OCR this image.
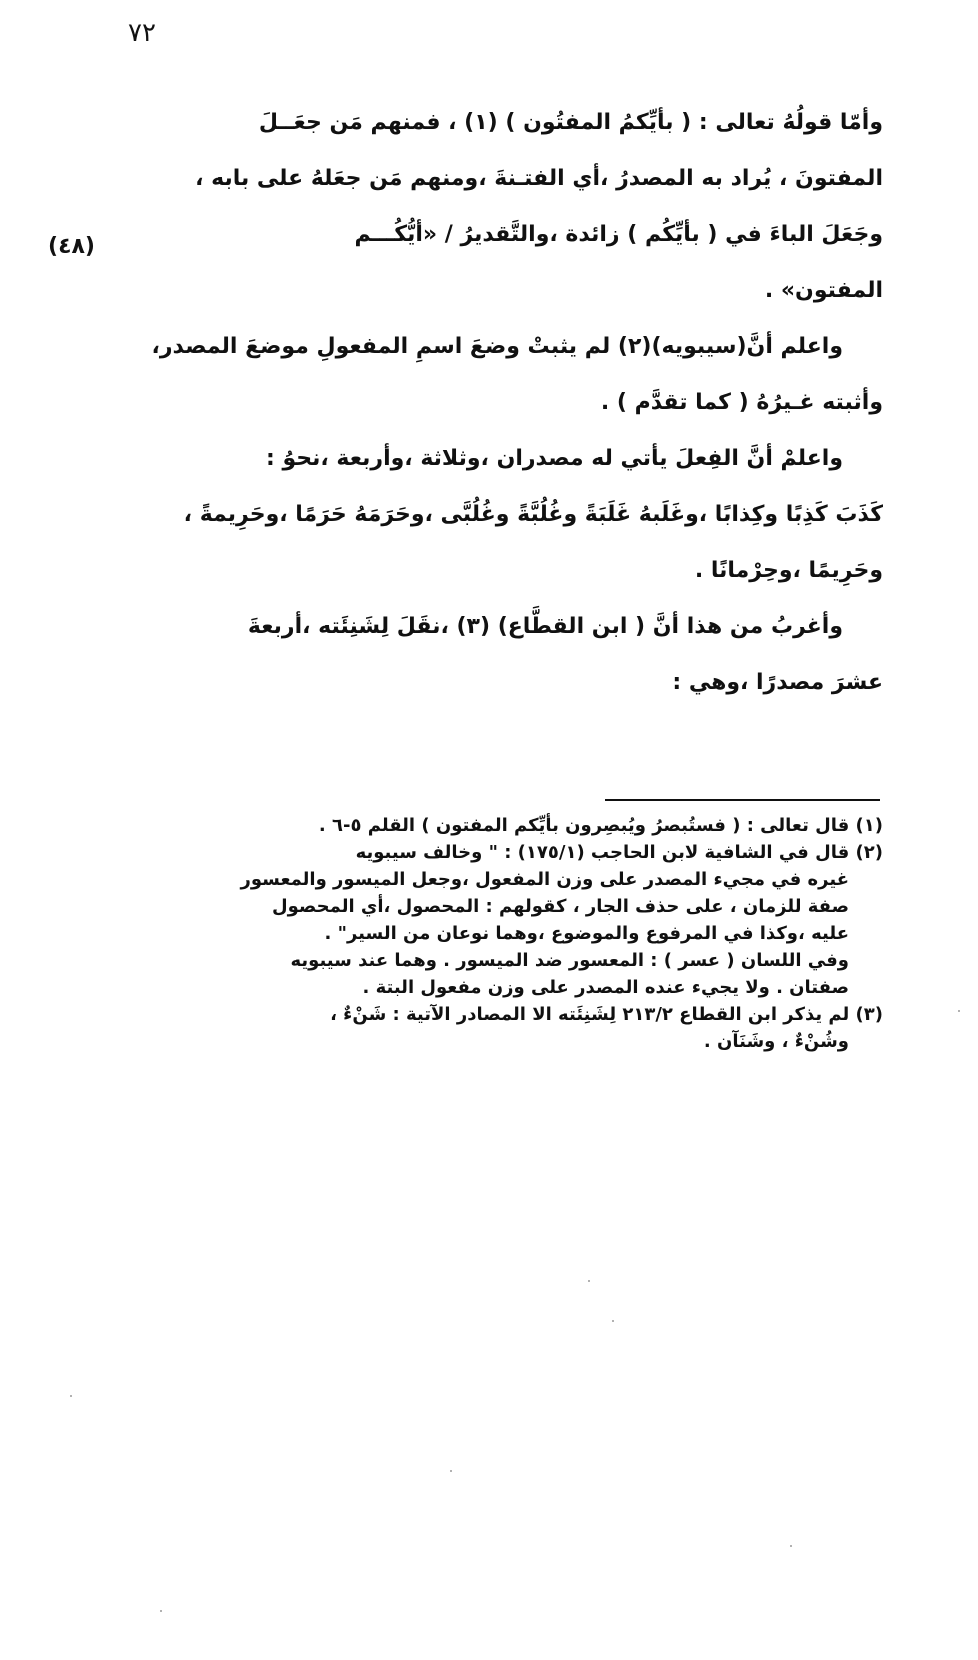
٧٢
وأمّا قولُهُ تعالى : ( بأيِّكمُ المفتُون ) (١) ، فمنهم مَن جعَــلَ
المفتونَ ، يُراد به المصدرُ ،أي الفتـنةَ ،ومنهم مَن جعَلهُ على بابه ،
وجَعَلَ الباءَ في ( بأيِّكُم ) زائدة ،والتَّقديرُ / «أيُّكُـــم
المفتون» .
واعلم أنَّ(سيبويه)(٢) لم يثبتْ وضعَ اسمِ المفعولِ موضعَ المصدر،
وأثبته غـيرُهُ ( كما تقدَّم ) .
واعلمْ أنَّ الفِعلَ يأتي له مصدران ،وثلاثة ،وأربعة ،نحوُ :
كَذَبَ كَذِبًا وكِذابًا ،وغَلَبهُ غَلَبَةً وغُلُبَّةً وغُلُبَّى ،وحَرَمَهُ حَرَمًا ،وحَرِيمةً ،
وحَرِيمًا ،وحِرْمانًا .
وأغربُ من هذا أنَّ ( ابن القطَّاع) (٣) ،نقَلَ لِشَنِئَته ،أربعةَ
عشرَ مصدرًا ،وهي :
(٤٨)
(١) قال تعالى : ( فستُبصرُ ويُبصِرون بأيِّكم المفتون ) القلم ٥-٦ .
(٢) قال في الشافية لابن الحاجب (١٧٥/١) : " وخالف سيبويه
غيره في مجيء المصدر على وزن المفعول ،وجعل الميسور والمعسور
صفة للزمان ، على حذف الجار ، كقولهم : المحصول ،أي المحصول
عليه ،وكذا في المرفوع والموضوع ،وهما نوعان من السير" .
وفي اللسان ( عسر ) : المعسور ضد الميسور . وهما عند سيبويه
صفتان . ولا يجيء عنده المصدر على وزن مفعول البتة .
(٣) لم يذكر ابن القطاع ٢١٣/٢ لِشَنِئَته الا المصادر الآتية : شَنْءٌ ،
وشُنْءٌ ، وشَنَآن .
